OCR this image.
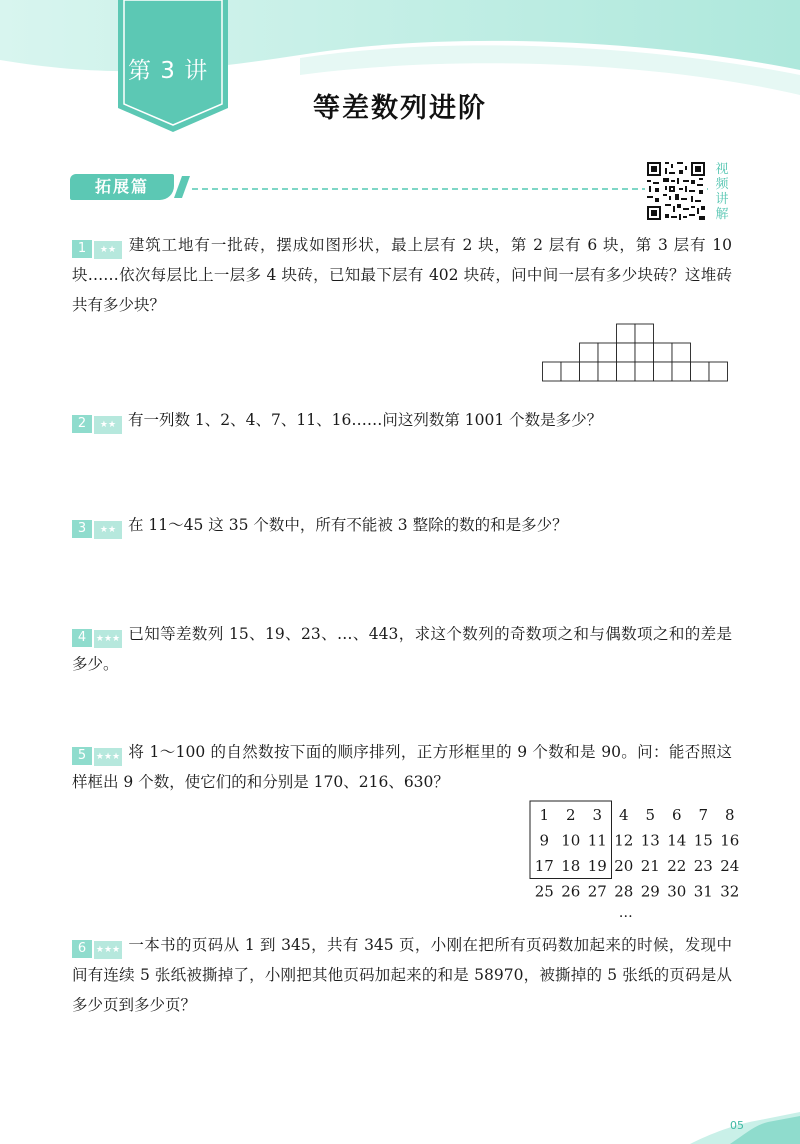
第 3 讲
等差数列进阶
拓展篇
视频讲解
1 ★★ 建筑工地有一批砖，摆成如图形状，最上层有 2 块，第 2 层有 6 块，第 3 层有 10 块……依次每层比上一层多 4 块砖，已知最下层有 402 块砖，问中间一层有多少块砖？这堆砖共有多少块？
2 ★★ 有一列数 1、2、4、7、11、16……问这列数第 1001 个数是多少？
3 ★★ 在 11～45 这 35 个数中，所有不能被 3 整除的数的和是多少？
4 ★★★ 已知等差数列 15、19、23、…、443，求这个数列的奇数项之和与偶数项之和的差是多少。
5 ★★★ 将 1～100 的自然数按下面的顺序排列，正方形框里的 9 个数和是 90。问：能否照这样框出 9 个数，使它们的和分别是 170、216、630？
1 2 3 4 5 6 7 8
9 10 11 12 13 14 15 16
17 18 19 20 21 22 23 24
25 26 27 28 29 30 31 32
…
6 ★★★ 一本书的页码从 1 到 345，共有 345 页，小刚在把所有页码数加起来的时候，发现中间有连续 5 张纸被撕掉了，小刚把其他页码加起来的和是 58970，被撕掉的 5 张纸的页码是从多少页到多少页？
05
